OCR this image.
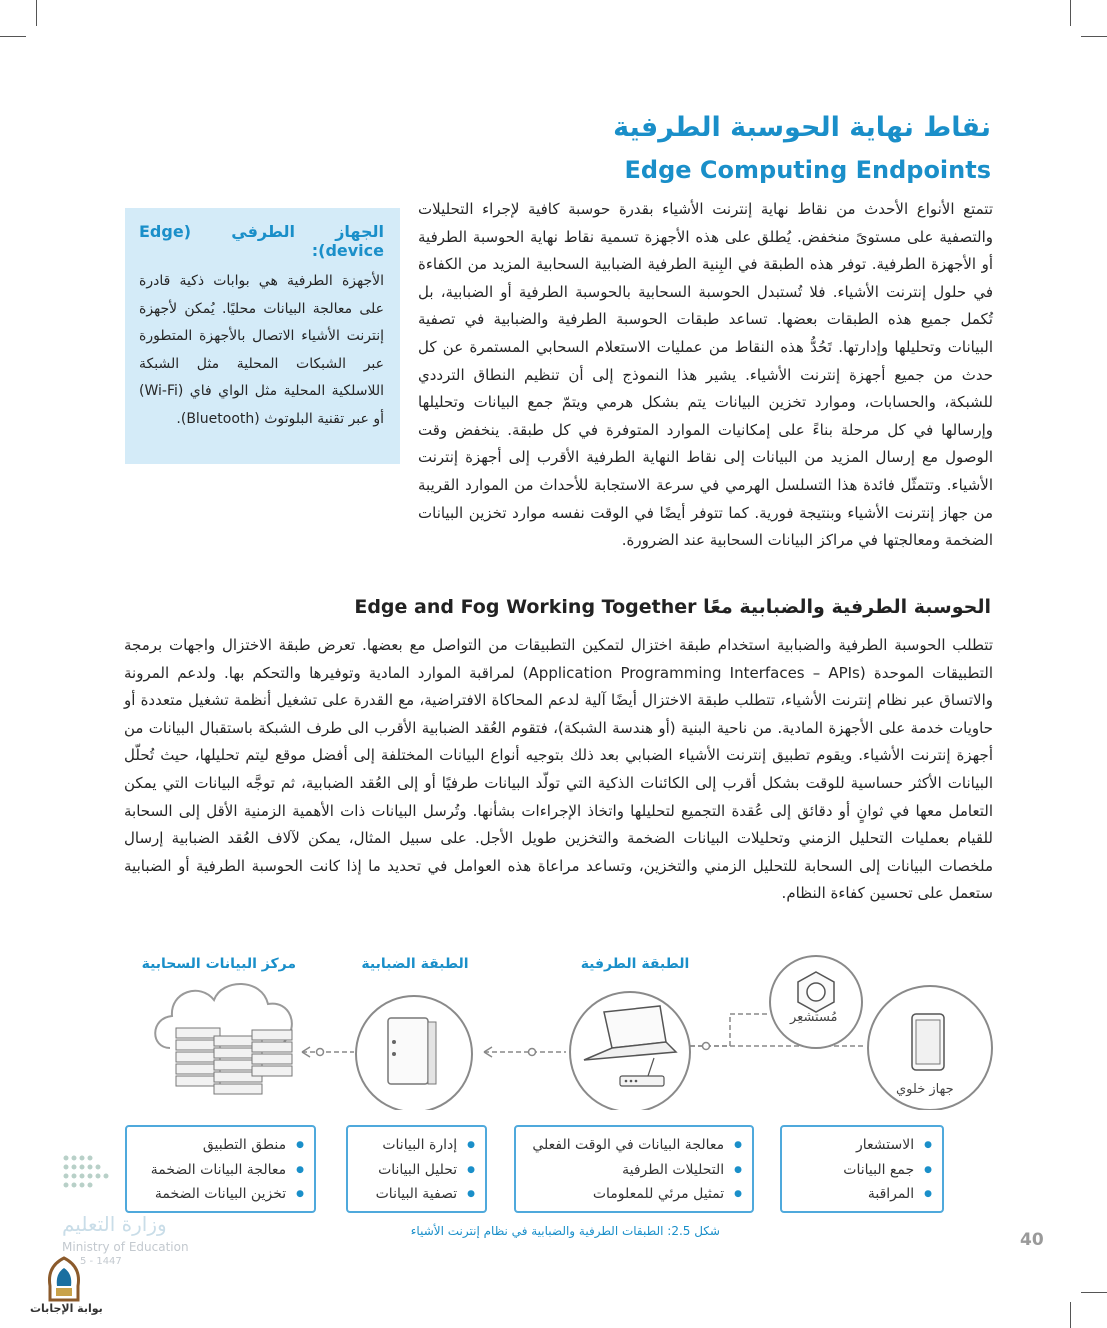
نقاط نهاية الحوسبة الطرفية
Edge Computing Endpoints
تتمتع الأنواع الأحدث من نقاط نهاية إنترنت الأشياء بقدرة حوسبة كافية لإجراء التحليلات والتصفية على مستوىً منخفض. يُطلق على هذه الأجهزة تسمية نقاط نهاية الحوسبة الطرفية أو الأجهزة الطرفية. توفر هذه الطبقة في البِنية الطرفية الضبابية السحابية المزيد من الكفاءة في حلول إنترنت الأشياء. فلا تُستبدل الحوسبة السحابية بالحوسبة الطرفية أو الضبابية، بل تُكمل جميع هذه الطبقات بعضها. تساعد طبقات الحوسبة الطرفية والضبابية في تصفية البيانات وتحليلها وإدارتها. تَحُدُّ هذه النقاط من عمليات الاستعلام السحابي المستمرة عن كل حدث من جميع أجهزة إنترنت الأشياء. يشير هذا النموذج إلى أن تنظيم النطاق الترددي للشبكة، والحسابات، وموارد تخزين البيانات يتم بشكل هرمي ويتمّ جمع البيانات وتحليلها وإرسالها في كل مرحلة بناءً على إمكانيات الموارد المتوفرة في كل طبقة. ينخفض وقت الوصول مع إرسال المزيد من البيانات إلى نقاط النهاية الطرفية الأقرب إلى أجهزة إنترنت الأشياء. وتتمثّل فائدة هذا التسلسل الهرمي في سرعة الاستجابة للأحداث من الموارد القريبة من جهاز إنترنت الأشياء وبنتيجة فورية. كما تتوفر أيضًا في الوقت نفسه موارد تخزين البيانات الضخمة ومعالجتها في مراكز البيانات السحابية عند الضرورة.
الجهاز الطرفي (Edge device):
الأجهزة الطرفية هي بوابات ذكية قادرة على معالجة البيانات محليًا. يُمكن لأجهزة إنترنت الأشياء الاتصال بالأجهزة المتطورة عبر الشبكات المحلية مثل الشبكة اللاسلكية المحلية مثل الواي فاي (Wi-Fi) أو عبر تقنية البلوتوث (Bluetooth).
الحوسبة الطرفية والضبابية معًا Edge and Fog Working Together
تتطلب الحوسبة الطرفية والضبابية استخدام طبقة اختزال لتمكين التطبيقات من التواصل مع بعضها. تعرض طبقة الاختزال واجهات برمجة التطبيقات الموحدة (Application Programming Interfaces – APIs) لمراقبة الموارد المادية وتوفيرها والتحكم بها. ولدعم المرونة والاتساق عبر نظام إنترنت الأشياء، تتطلب طبقة الاختزال أيضًا آلية لدعم المحاكاة الافتراضية، مع القدرة على تشغيل أنظمة تشغيل متعددة أو حاويات خدمة على الأجهزة المادية. من ناحية البنية (أو هندسة الشبكة)، فتقوم العُقد الضبابية الأقرب الى طرف الشبكة باستقبال البيانات من أجهزة إنترنت الأشياء. ويقوم تطبيق إنترنت الأشياء الضبابي بعد ذلك بتوجيه أنواع البيانات المختلفة إلى أفضل موقع ليتم تحليلها، حيث تُحلّل البيانات الأكثر حساسية للوقت بشكل أقرب إلى الكائنات الذكية التي تولّد البيانات طرفيًا أو إلى العُقد الضبابية، ثم توجَّه البيانات التي يمكن التعامل معها في ثوانٍ أو دقائق إلى عُقدة التجميع لتحليلها واتخاذ الإجراءات بشأنها. وتُرسل البيانات ذات الأهمية الزمنية الأقل إلى السحابة للقيام بعمليات التحليل الزمني وتحليلات البيانات الضخمة والتخزين طويل الأجل. على سبيل المثال، يمكن لآلاف العُقد الضبابية إرسال ملخصات البيانات إلى السحابة للتحليل الزمني والتخزين، وتساعد مراعاة هذه العوامل في تحديد ما إذا كانت الحوسبة الطرفية أو الضبابية ستعمل على تحسين كفاءة النظام.
مركز البيانات السحابية	الطبقة الضبابية	الطبقة الطرفية
مُستشعِر
جهاز خلوي
● منطق التطبيق
● معالجة البيانات الضخمة
● تخزين البيانات الضخمة
● إدارة البيانات
● تحليل البيانات
● تصفية البيانات
● معالجة البيانات في الوقت الفعلي
● التحليلات الطرفية
● تمثيل مرئي للمعلومات
● الاستشعار
● جمع البيانات
● المراقبة
شكل 2.5: الطبقات الطرفية والضبابية في نظام إنترنت الأشياء	40
وزارة التعليم
Ministry of Education
5 - 1447
بوابة الإجابات
